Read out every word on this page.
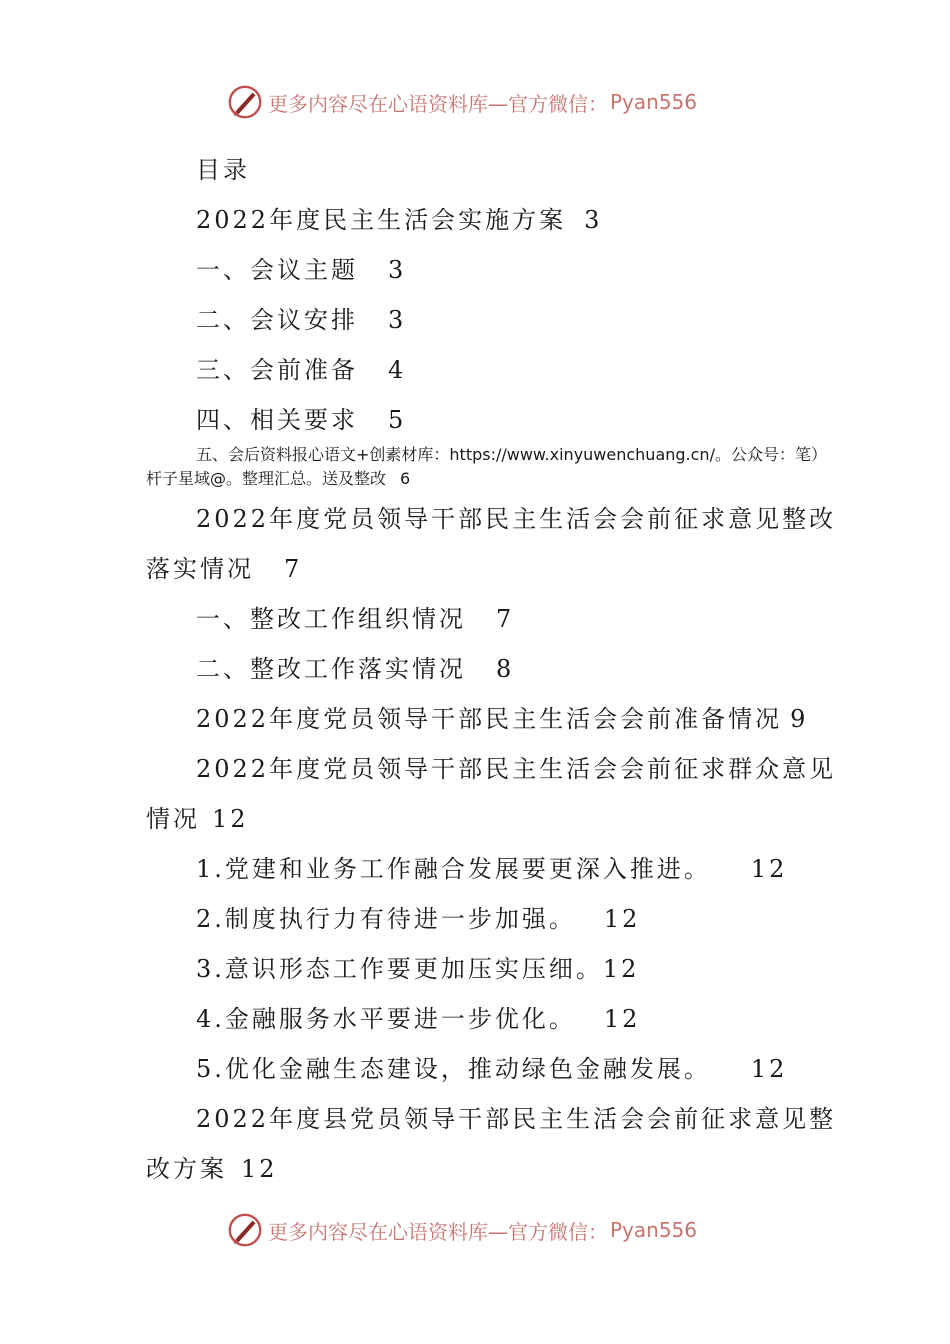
更多内容尽在心语资料库—官方微信： Pyan556
目录
2022年度民主生活会实施方案 3
一、会议主题 3
二、会议安排 3
三、会前准备 4
四、相关要求 5
五、会后资料报心语文+创素材库：https://www.xinyuwenchuang.cn/。公众号：笔）
杆子星域@。整理汇总。送及整改 6
2022年度党员领导干部民主生活会会前征求意见整改
落实情况 7
一、整改工作组织情况 7
二、整改工作落实情况 8
2022年度党员领导干部民主生活会会前准备情况 9
2022年度党员领导干部民主生活会会前征求群众意见
情况 12
1.党建和业务工作融合发展要更深入推进。 12
2.制度执行力有待进一步加强。 12
3.意识形态工作要更加压实压细。12
4.金融服务水平要进一步优化。 12
5.优化金融生态建设，推动绿色金融发展。 12
2022年度县党员领导干部民主生活会会前征求意见整
改方案 12
更多内容尽在心语资料库—官方微信： Pyan556
